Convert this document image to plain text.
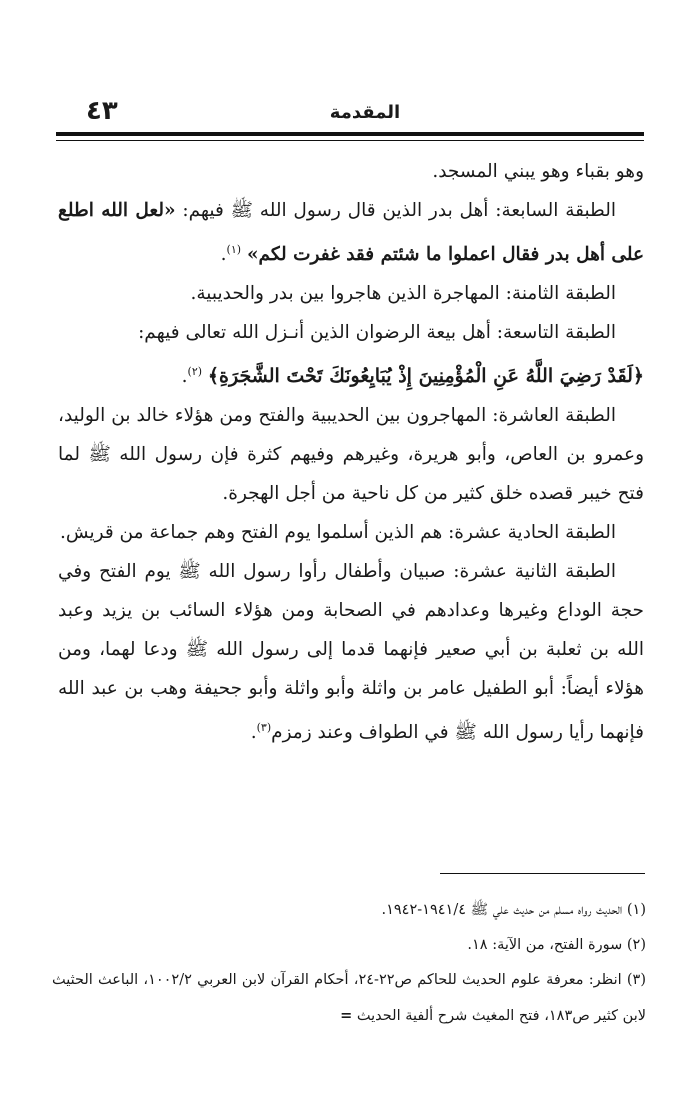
المقدمة
٤٣

وهو بقباء وهو يبني المسجد.

الطبقة السابعة: أهل بدر الذين قال رسول الله ﷺ فيهم: «لعل الله اطلع على أهل بدر فقال اعملوا ما شئتم فقد غفرت لكم» $^{(١)}$.

الطبقة الثامنة: المهاجرة الذين هاجروا بين بدر والحديبية.

الطبقة التاسعة: أهل بيعة الرضوان الذين أنـزل الله تعالى فيهم:

﴿لَقَدْ رَضِيَ اللَّهُ عَنِ الْمُؤْمِنِينَ إِذْ يُبَايِعُونَكَ تَحْتَ الشَّجَرَةِ﴾ $^{(٢)}$.

الطبقة العاشرة: المهاجرون بين الحديبية والفتح ومن هؤلاء خالد بن الوليد، وعمرو بن العاص، وأبو هريرة، وغيرهم وفيهم كثرة فإن رسول الله ﷺ لما فتح خيبر قصده خلق كثير من كل ناحية من أجل الهجرة.

الطبقة الحادية عشرة: هم الذين أسلموا يوم الفتح وهم جماعة من قريش.

الطبقة الثانية عشرة: صبيان وأطفال رأوا رسول الله ﷺ يوم الفتح وفي حجة الوداع وغيرها وعدادهم في الصحابة ومن هؤلاء السائب بن يزيد وعبد الله بن ثعلبة بن أبي صعير فإنهما قدما إلى رسول الله ﷺ ودعا لهما، ومن هؤلاء أيضاً: أبو الطفيل عامر بن واثلة وأبو واثلة وأبو جحيفة وهب بن عبد الله فإنهما رأيا رسول الله ﷺ في الطواف وعند زمزم$^{(٣)}$.

(١) الحديث رواه مسلم من حديث علي ﷺ ١٩٤١/٤-١٩٤٢.

(٢) سورة الفتح، من الآية: ١٨.

(٣) انظر: معرفة علوم الحديث للحاكم ص٢٢-٢٤، أحكام القرآن لابن العربي ١٠٠٢/٢، الباعث الحثيث لابن كثير ص١٨٣، فتح المغيث شرح ألفية الحديث =
